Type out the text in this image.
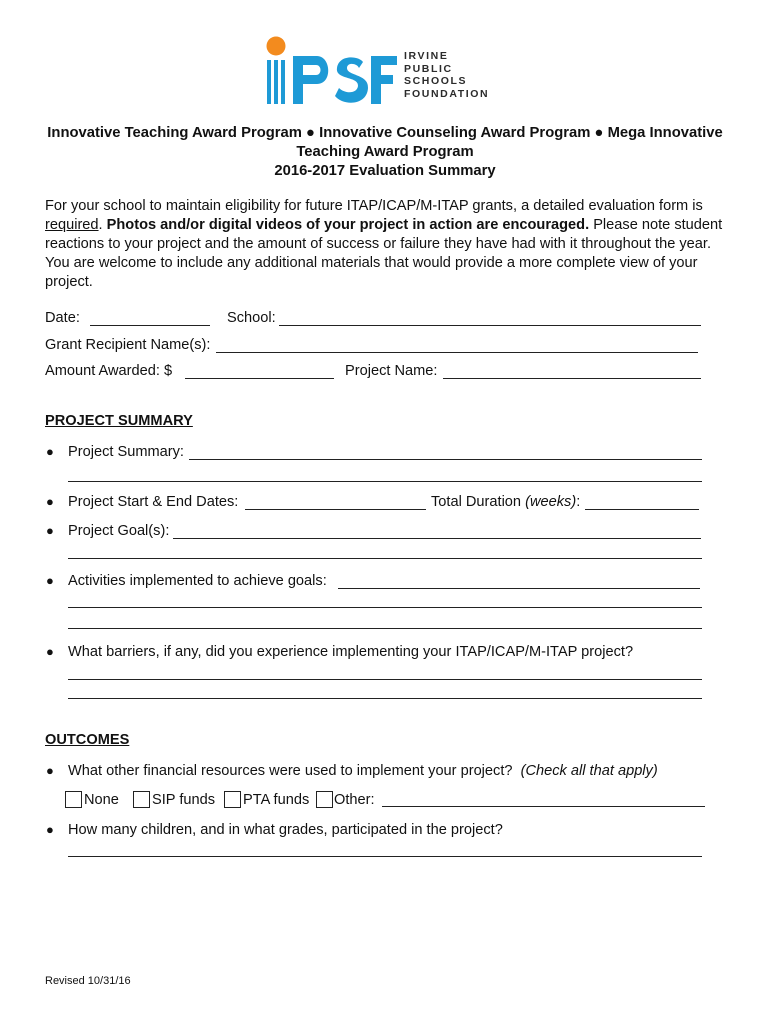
IRVINE
PUBLIC
SCHOOLS
FOUNDATION
Innovative Teaching Award Program ● Innovative Counseling Award Program ● Mega Innovative
Teaching Award Program
2016-2017 Evaluation Summary
For your school to maintain eligibility for future ITAP/ICAP/M-ITAP grants, a detailed evaluation form is required. Photos and/or digital videos of your project in action are encouraged. Please note student reactions to your project and the amount of success or failure they have had with it throughout the year. You are welcome to include any additional materials that would provide a more complete view of your project.
Date:	School:
Grant Recipient Name(s):
Amount Awarded: $	Project Name:
PROJECT SUMMARY
● Project Summary:
● Project Start & End Dates:	Total Duration (weeks):
● Project Goal(s):
● Activities implemented to achieve goals:
● What barriers, if any, did you experience implementing your ITAP/ICAP/M-ITAP project?
OUTCOMES
● What other financial resources were used to implement your project? (Check all that apply)
None SIP funds PTA funds Other:
● How many children, and in what grades, participated in the project?
Revised 10/31/16
